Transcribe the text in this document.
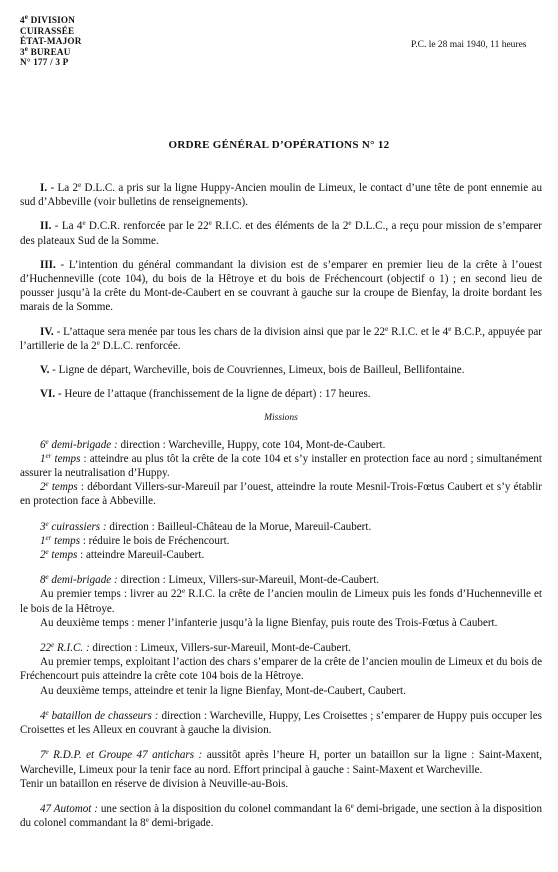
4e DIVISION
CUIRASSÉE
ÉTAT-MAJOR
3e BUREAU
N° 177 / 3 P
P.C. le 28 mai 1940, 11 heures
ORDRE GÉNÉRAL D’OPÉRATIONS N° 12

I. - La 2e D.L.C. a pris sur la ligne Huppy-Ancien moulin de Limeux, le contact d’une tête de pont ennemie au sud d’Abbeville (voir bulletins de renseignements).

II. - La 4e D.C.R. renforcée par le 22e R.I.C. et des éléments de la 2e D.L.C., a reçu pour mission de s’emparer des plateaux Sud de la Somme.

III. - L’intention du général commandant la division est de s’emparer en premier lieu de la crête à l’ouest d’Huchenneville (cote 104), du bois de la Hêtroye et du bois de Fréchencourt (objectif o 1) ; en second lieu de pousser jusqu’à la crête du Mont-de-Caubert en se couvrant à gauche sur la croupe de Bienfay, la droite bordant les marais de la Somme.

IV. - L’attaque sera menée par tous les chars de la division ainsi que par le 22e R.I.C. et le 4e B.C.P., appuyée par l’artillerie de la 2e D.L.C. renforcée.

V. - Ligne de départ, Warcheville, bois de Couvriennes, Limeux, bois de Bailleul, Bellifontaine.

VI. - Heure de l’attaque (franchissement de la ligne de départ) : 17 heures.

Missions
6e demi-brigade : direction : Warcheville, Huppy, cote 104, Mont-de-Caubert.
1er temps : atteindre au plus tôt la crête de la cote 104 et s’y installer en protection face au nord ; simultanément assurer la neutralisation d’Huppy.
2e temps : débordant Villers-sur-Mareuil par l’ouest, atteindre la route Mesnil-Trois-Fœtus Caubert et s’y établir en protection face à Abbeville.
3e cuirassiers : direction : Bailleul-Château de la Morue, Mareuil-Caubert.
1er temps : réduire le bois de Fréchencourt.
2e temps : atteindre Mareuil-Caubert.
8e demi-brigade : direction : Limeux, Villers-sur-Mareuil, Mont-de-Caubert.
Au premier temps : livrer au 22e R.I.C. la crête de l’ancien moulin de Limeux puis les fonds d’Huchenneville et le bois de la Hêtroye.
Au deuxième temps : mener l’infanterie jusqu’à la ligne Bienfay, puis route des Trois-Fœtus à Caubert.
22e R.I.C. : direction : Limeux, Villers-sur-Mareuil, Mont-de-Caubert.
Au premier temps, exploitant l’action des chars s’emparer de la crête de l’ancien moulin de Limeux et du bois de Fréchencourt puis atteindre la crête cote 104 bois de la Hêtroye.
Au deuxième temps, atteindre et tenir la ligne Bienfay, Mont-de-Caubert, Caubert.
4e bataillon de chasseurs : direction : Warcheville, Huppy, Les Croisettes ; s’emparer de Huppy puis occuper les Croisettes et les Alleux en couvrant à gauche la division.
7e R.D.P. et Groupe 47 antichars : aussitôt après l’heure H, porter un bataillon sur la ligne : Saint-Maxent, Warcheville, Limeux pour la tenir face au nord. Effort principal à gauche : Saint-Maxent et Warcheville.
Tenir un bataillon en réserve de division à Neuville-au-Bois.
47 Automot : une section à la disposition du colonel commandant la 6e demi-brigade, une section à la disposition du colonel commandant la 8e demi-brigade.
